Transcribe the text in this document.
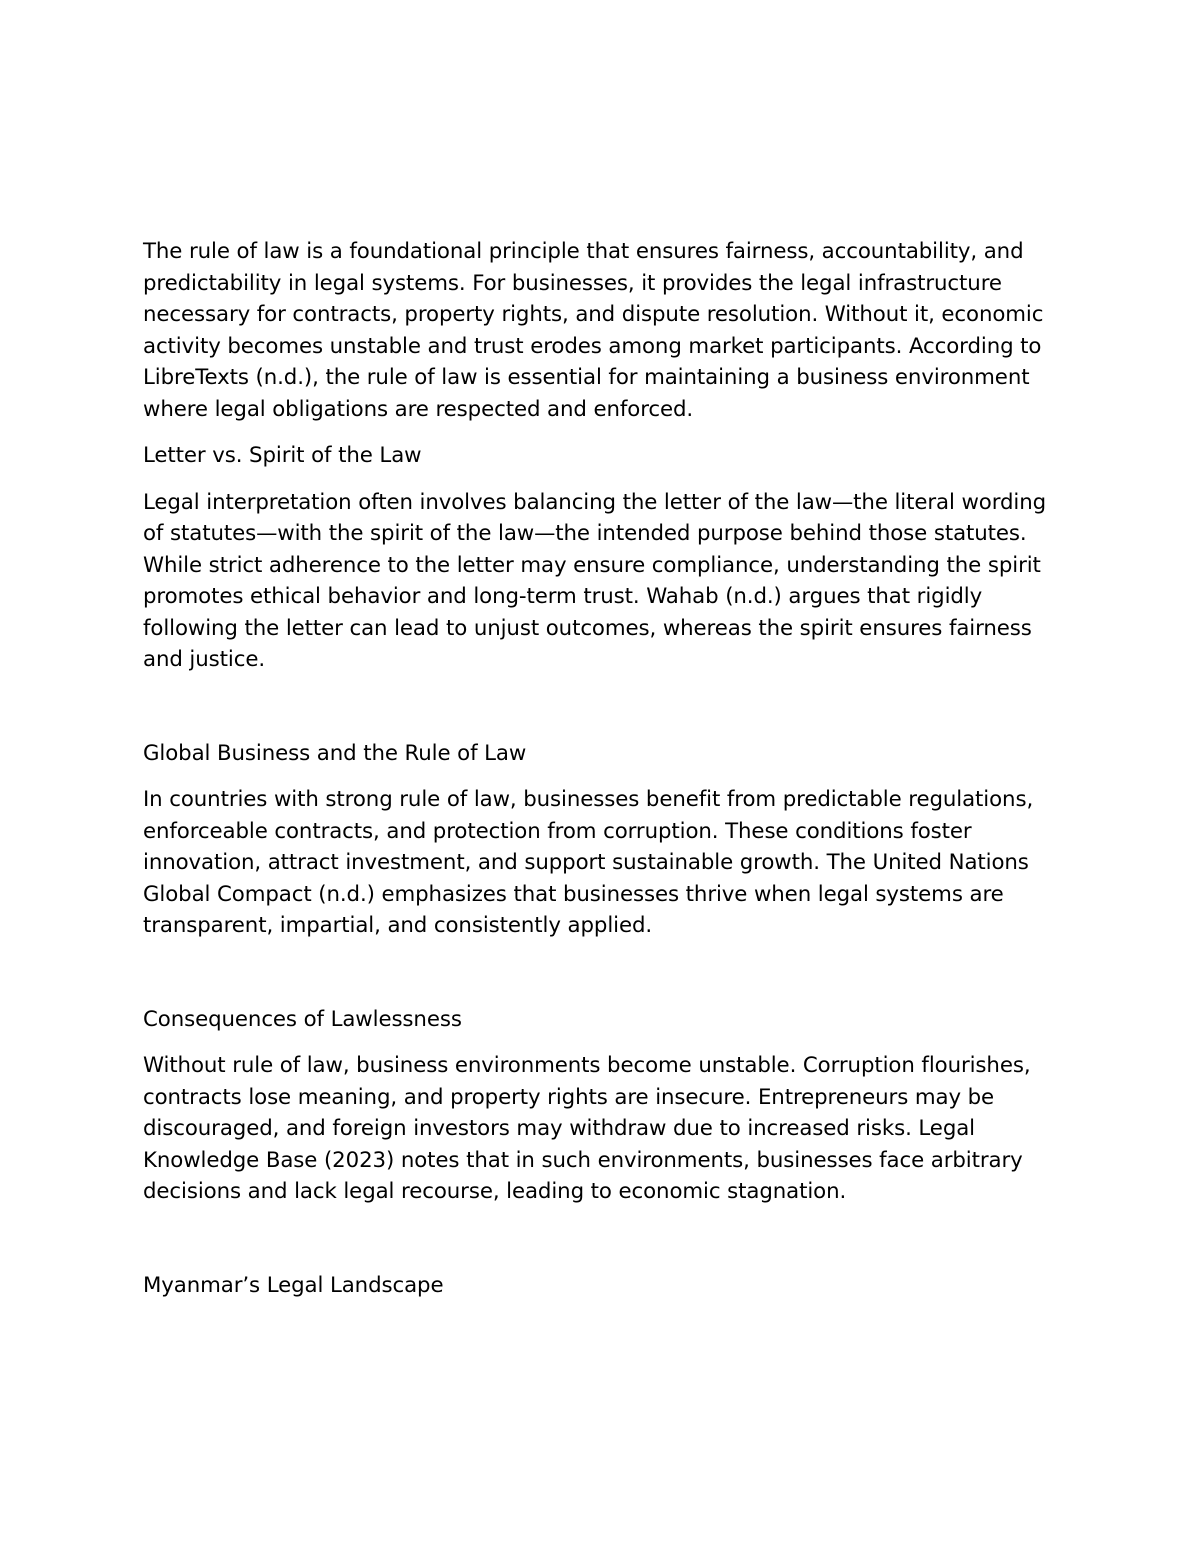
The rule of law is a foundational principle that ensures fairness, accountability, and predictability in legal systems. For businesses, it provides the legal infrastructure necessary for contracts, property rights, and dispute resolution. Without it, economic activity becomes unstable and trust erodes among market participants. According to LibreTexts (n.d.), the rule of law is essential for maintaining a business environment where legal obligations are respected and enforced.

Letter vs. Spirit of the Law

Legal interpretation often involves balancing the letter of the law—the literal wording of statutes—with the spirit of the law—the intended purpose behind those statutes. While strict adherence to the letter may ensure compliance, understanding the spirit promotes ethical behavior and long-term trust. Wahab (n.d.) argues that rigidly following the letter can lead to unjust outcomes, whereas the spirit ensures fairness and justice.

Global Business and the Rule of Law

In countries with strong rule of law, businesses benefit from predictable regulations, enforceable contracts, and protection from corruption. These conditions foster innovation, attract investment, and support sustainable growth. The United Nations Global Compact (n.d.) emphasizes that businesses thrive when legal systems are transparent, impartial, and consistently applied.

Consequences of Lawlessness

Without rule of law, business environments become unstable. Corruption flourishes, contracts lose meaning, and property rights are insecure. Entrepreneurs may be discouraged, and foreign investors may withdraw due to increased risks. Legal Knowledge Base (2023) notes that in such environments, businesses face arbitrary decisions and lack legal recourse, leading to economic stagnation.

Myanmar’s Legal Landscape
